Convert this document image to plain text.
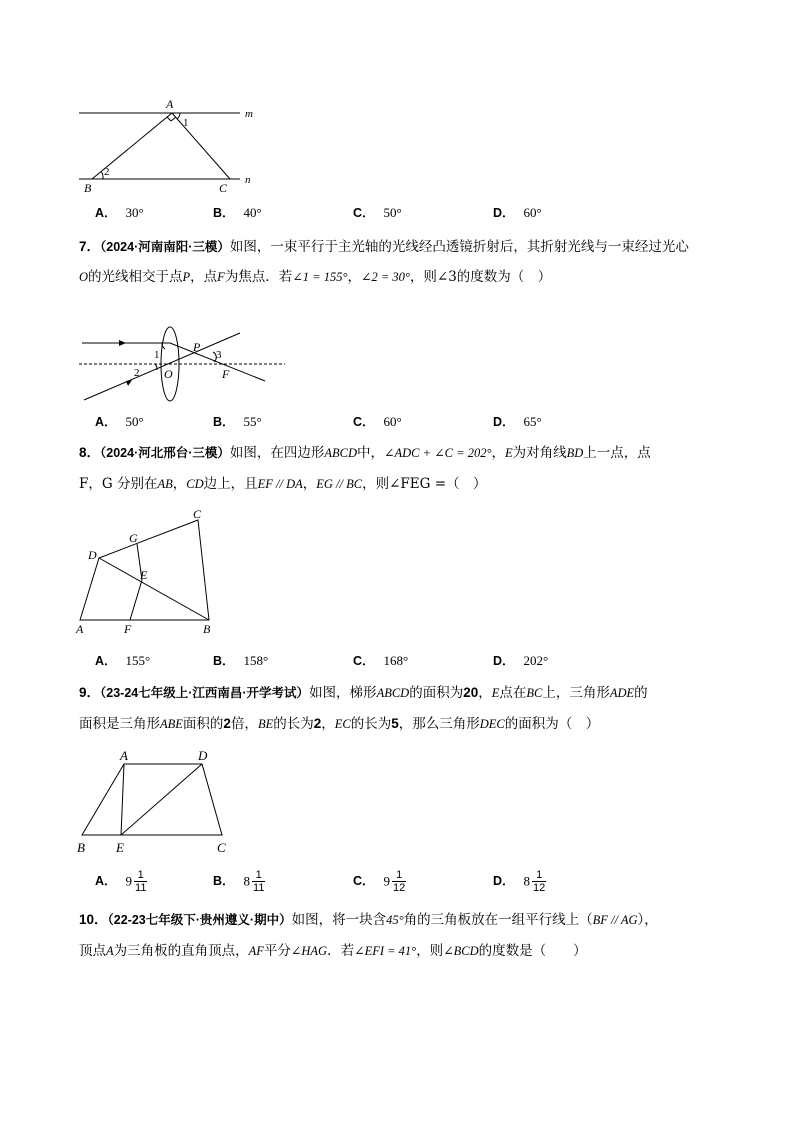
A
1
m
n
2
B	C
A． 30°	B． 40°	C． 50°	D． 60°
7．（2024·河南南阳·三模）如图，一束平行于主光轴的光线经凸透镜折射后，其折射光线与一束经过光心
O的光线相交于点P，点F为焦点．若∠1 = 155°，∠2 = 30°，则∠3的度数为（　）
1
2 O
P
3
F
A． 50°	B． 55°	C． 60°	D． 65°
8．（2024·河北邢台·三模）如图，在四边形ABCD中，∠ADC + ∠C = 202°，E为对角线BD上一点，点
F，G 分别在AB，CD边上，且EF // DA，EG // BC，则∠FEG =（　）
C
G
D
E
A	F	B
A． 155°	B． 158°	C． 168°	D． 202°
9．（23-24七年级上·江西南昌·开学考试）如图，梯形ABCD的面积为20，E点在BC上，三角形ADE的
面积是三角形ABE面积的2倍，BE的长为2，EC的长为5，那么三角形DEC的面积为（　）
A	D
B E	C
A． $9 \frac{1}{11}$	B． $8 \frac{1}{11}$	C． $9 \frac{1}{12}$	D． $8 \frac{1}{12}$
10．（22-23七年级下·贵州遵义·期中）如图，将一块含45°角的三角板放在一组平行线上（BF // AG），
顶点A为三角板的直角顶点，AF平分∠HAG．若∠EFI = 41°，则∠BCD的度数是（　　）
